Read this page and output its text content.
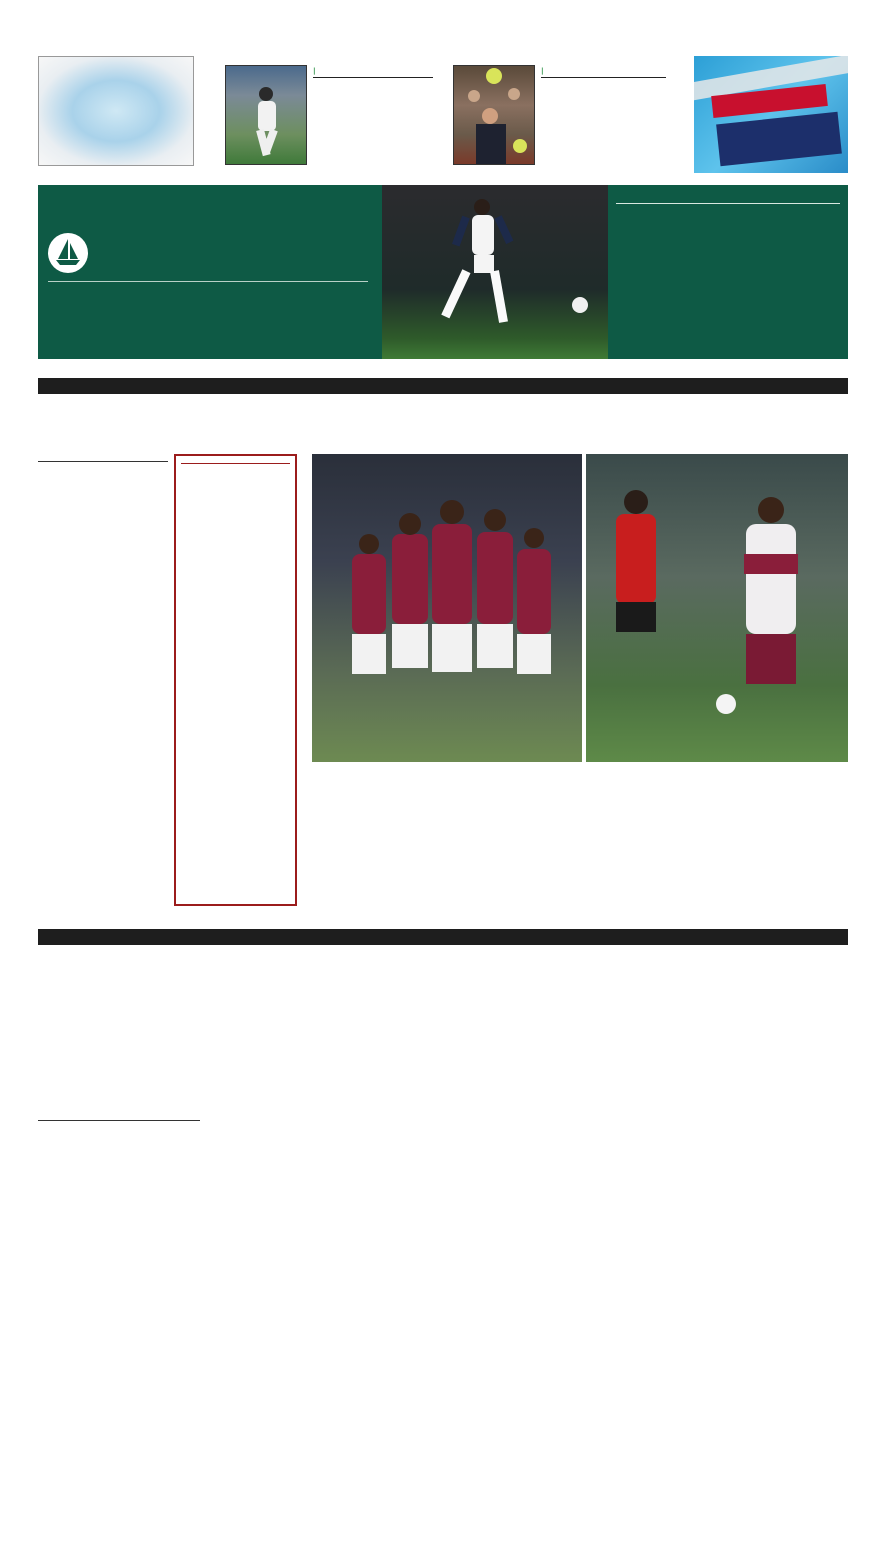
|	|
